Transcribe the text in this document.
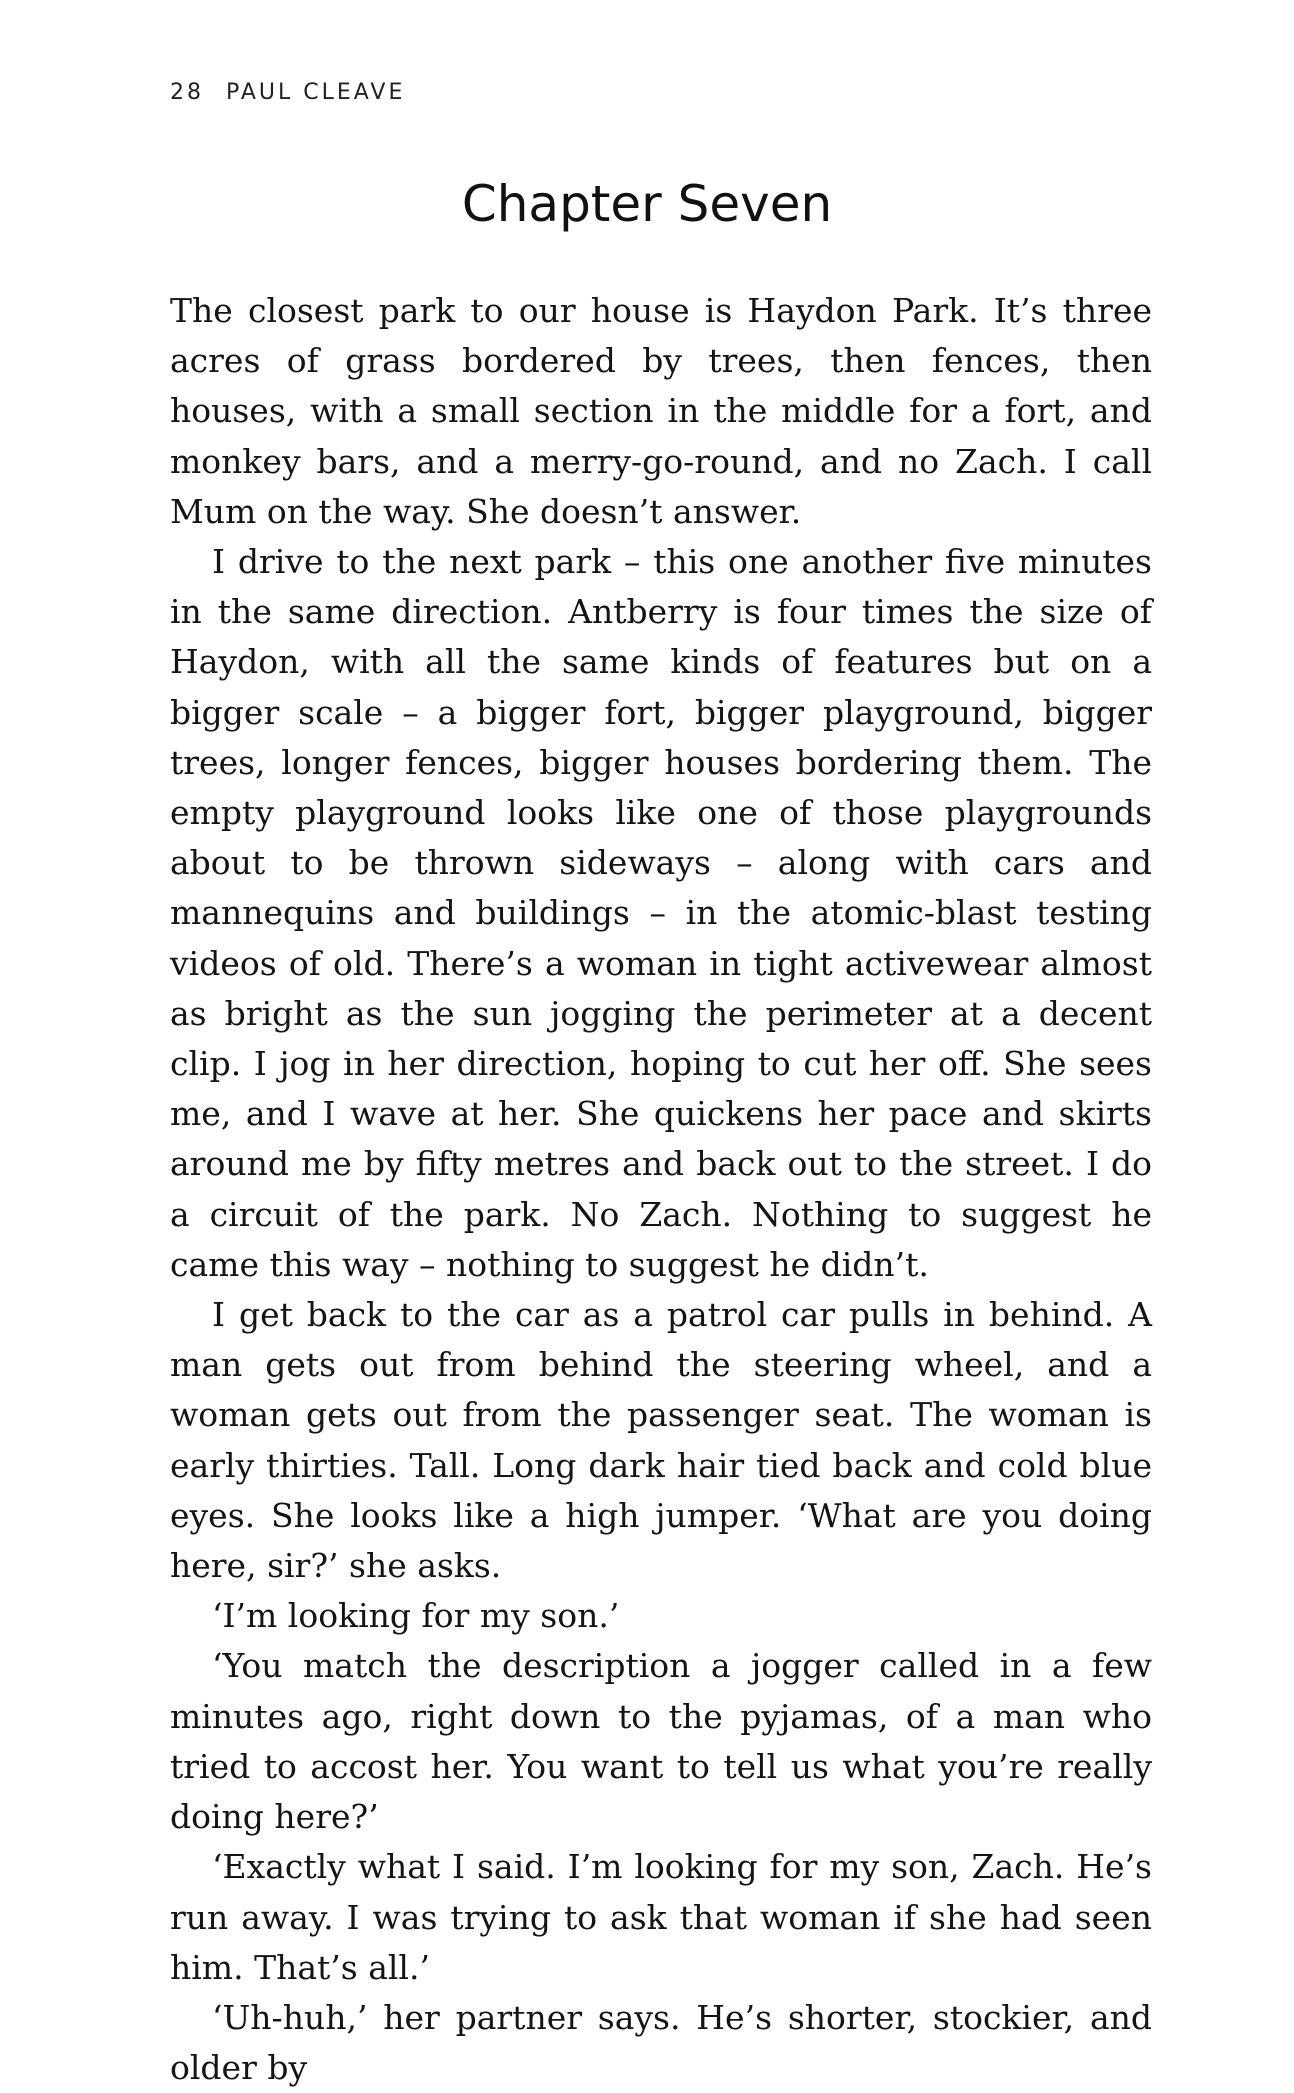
28 PAUL CLEAVE
Chapter Seven

The closest park to our house is Haydon Park. It’s three acres of grass bordered by trees, then fences, then houses, with a small section in the middle for a fort, and monkey bars, and a merry-go-round, and no Zach. I call Mum on the way. She doesn’t answer.

I drive to the next park – this one another five minutes in the same direction. Antberry is four times the size of Haydon, with all the same kinds of features but on a bigger scale – a bigger fort, bigger playground, bigger trees, longer fences, bigger houses bordering them. The empty playground looks like one of those playgrounds about to be thrown sideways – along with cars and mannequins and buildings – in the atomic-blast testing videos of old. There’s a woman in tight activewear almost as bright as the sun jogging the perimeter at a decent clip. I jog in her direction, hoping to cut her off. She sees me, and I wave at her. She quickens her pace and skirts around me by fifty metres and back out to the street. I do a circuit of the park. No Zach. Nothing to suggest he came this way – nothing to suggest he didn’t.

I get back to the car as a patrol car pulls in behind. A man gets out from behind the steering wheel, and a woman gets out from the passenger seat. The woman is early thirties. Tall. Long dark hair tied back and cold blue eyes. She looks like a high jumper. ‘What are you doing here, sir?’ she asks.

‘I’m looking for my son.’

‘You match the description a jogger called in a few minutes ago, right down to the pyjamas, of a man who tried to accost her. You want to tell us what you’re really doing here?’

‘Exactly what I said. I’m looking for my son, Zach. He’s run away. I was trying to ask that woman if she had seen him. That’s all.’

‘Uh-huh,’ her partner says. He’s shorter, stockier, and older by
